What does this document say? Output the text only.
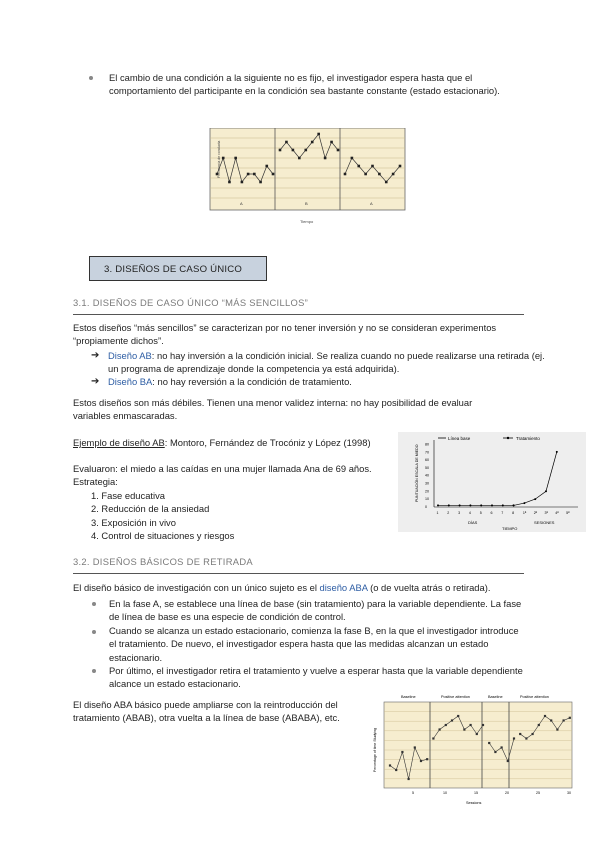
El cambio de una condición a la siguiente no es fijo, el investigador espera hasta que el comportamiento del participante en la condición sea bastante constante (estado estacionario).
A	B	A
Frecuencia de conducta
Tiempo
3. DISEÑOS DE CASO ÚNICO
3.1. DISEÑOS DE CASO ÚNICO “MÁS SENCILLOS”
Estos diseños “más sencillos” se caracterizan por no tener inversión y no se consideran experimentos “propiamente dichos”.
➔ Diseño AB: no hay inversión a la condición inicial. Se realiza cuando no puede realizarse una retirada (ej. un programa de aprendizaje donde la competencia ya está adquirida).
➔ Diseño BA: no hay reversión a la condición de tratamiento.
Estos diseños son más débiles. Tienen una menor validez interna: no hay posibilidad de evaluar variables enmascaradas.
Ejemplo de diseño AB: Montoro, Fernández de Trocóniz y López (1998)
Evaluaron: el miedo a las caídas en una mujer llamada Ana de 69 años. Estrategia:
1. Fase educativa
2. Reducción de la ansiedad
3. Exposición in vivo
4. Control de situaciones y riesgos
Línea base	Tratamiento
80
70
60
50
40
30
20
10
0
1 2 3 4 5 6 7 8 1ª 2ª 3ª 4ª 5ª
DÍAS	SESIONES
TIEMPO
PUNTUACIÓN ESCALA DE MIEDO
3.2. DISEÑOS BÁSICOS DE RETIRADA
El diseño básico de investigación con un único sujeto es el diseño ABA (o de vuelta atrás o retirada).
En la fase A, se establece una línea de base (sin tratamiento) para la variable dependiente. La fase de línea de base es una especie de condición de control.
Cuando se alcanza un estado estacionario, comienza la fase B, en la que el investigador introduce el tratamiento. De nuevo, el investigador espera hasta que las medidas alcanzan un estado estacionario.
Por último, el investigador retira el tratamiento y vuelve a esperar hasta que la variable dependiente alcance un estado estacionario.
El diseño ABA básico puede ampliarse con la reintroducción del tratamiento (ABAB), otra vuelta a la línea de base (ABABA), etc.
Baseline	Positive attention	Baseline	Positive attention
5	10	15	20	25	30
Percentage of time Studying
Sessions
